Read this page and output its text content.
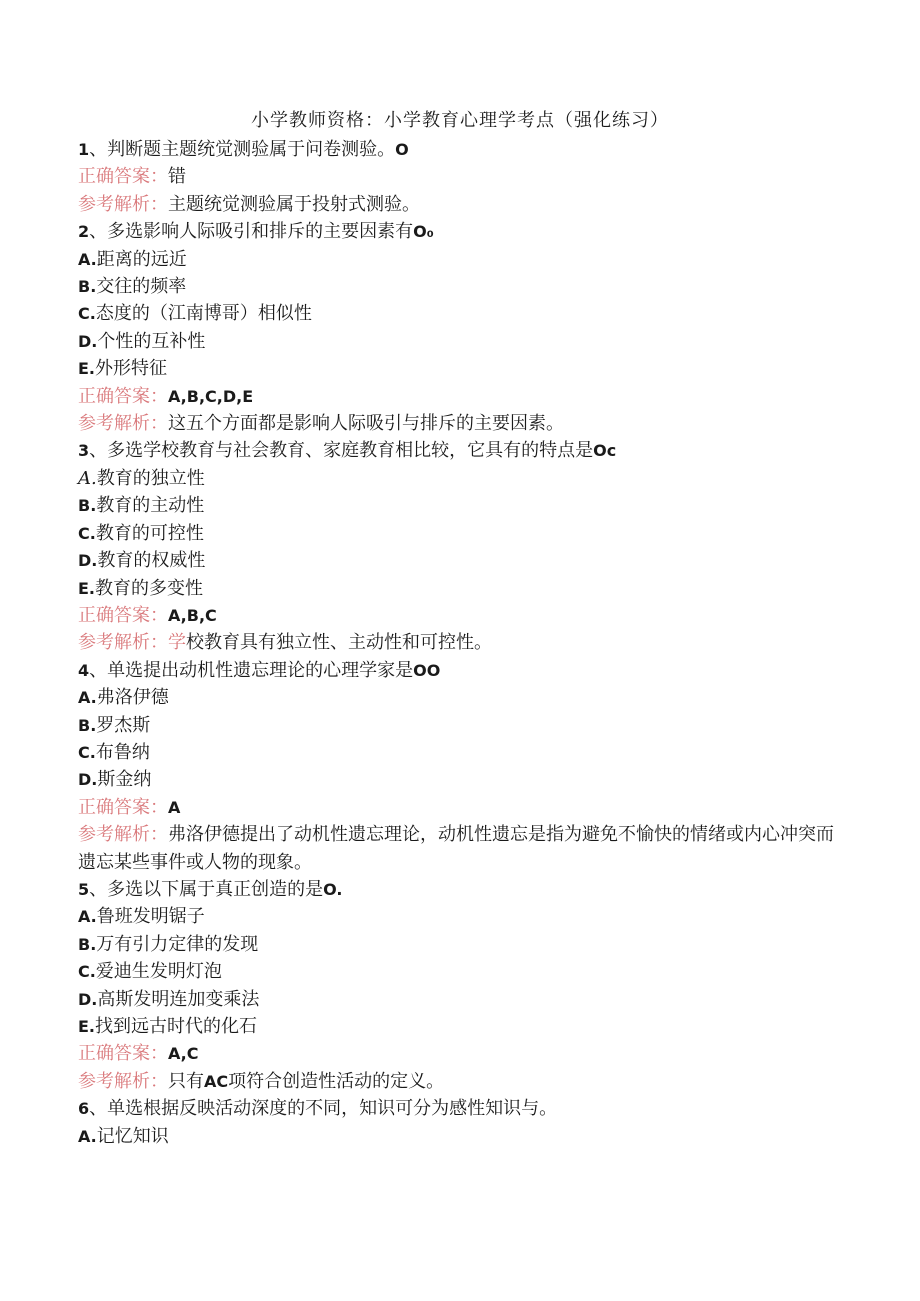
小学教师资格：小学教育心理学考点（强化练习）
1、判断题主题统觉测验属于问卷测验。O
正确答案：错
参考解析：主题统觉测验属于投射式测验。
2、多选影响人际吸引和排斥的主要因素有O₀
A.距离的远近
B.交往的频率
C.态度的（江南博哥）相似性
D.个性的互补性
E.外形特征
正确答案：A,B,C,D,E
参考解析：这五个方面都是影响人际吸引与排斥的主要因素。
3、多选学校教育与社会教育、家庭教育相比较，它具有的特点是Oc
A.教育的独立性
B.教育的主动性
C.教育的可控性
D.教育的权威性
E.教育的多变性
正确答案：A,B,C
参考解析：学校教育具有独立性、主动性和可控性。
4、单选提出动机性遗忘理论的心理学家是OO
A.弗洛伊德
B.罗杰斯
C.布鲁纳
D.斯金纳
正确答案：A
参考解析：弗洛伊德提出了动机性遗忘理论，动机性遗忘是指为避免不愉快的情绪或内心冲突而遗忘某些事件或人物的现象。
5、多选以下属于真正创造的是O.
A.鲁班发明锯子
B.万有引力定律的发现
C.爱迪生发明灯泡
D.高斯发明连加变乘法
E.找到远古时代的化石
正确答案：A,C
参考解析：只有AC项符合创造性活动的定义。
6、单选根据反映活动深度的不同，知识可分为感性知识与。
A.记忆知识
